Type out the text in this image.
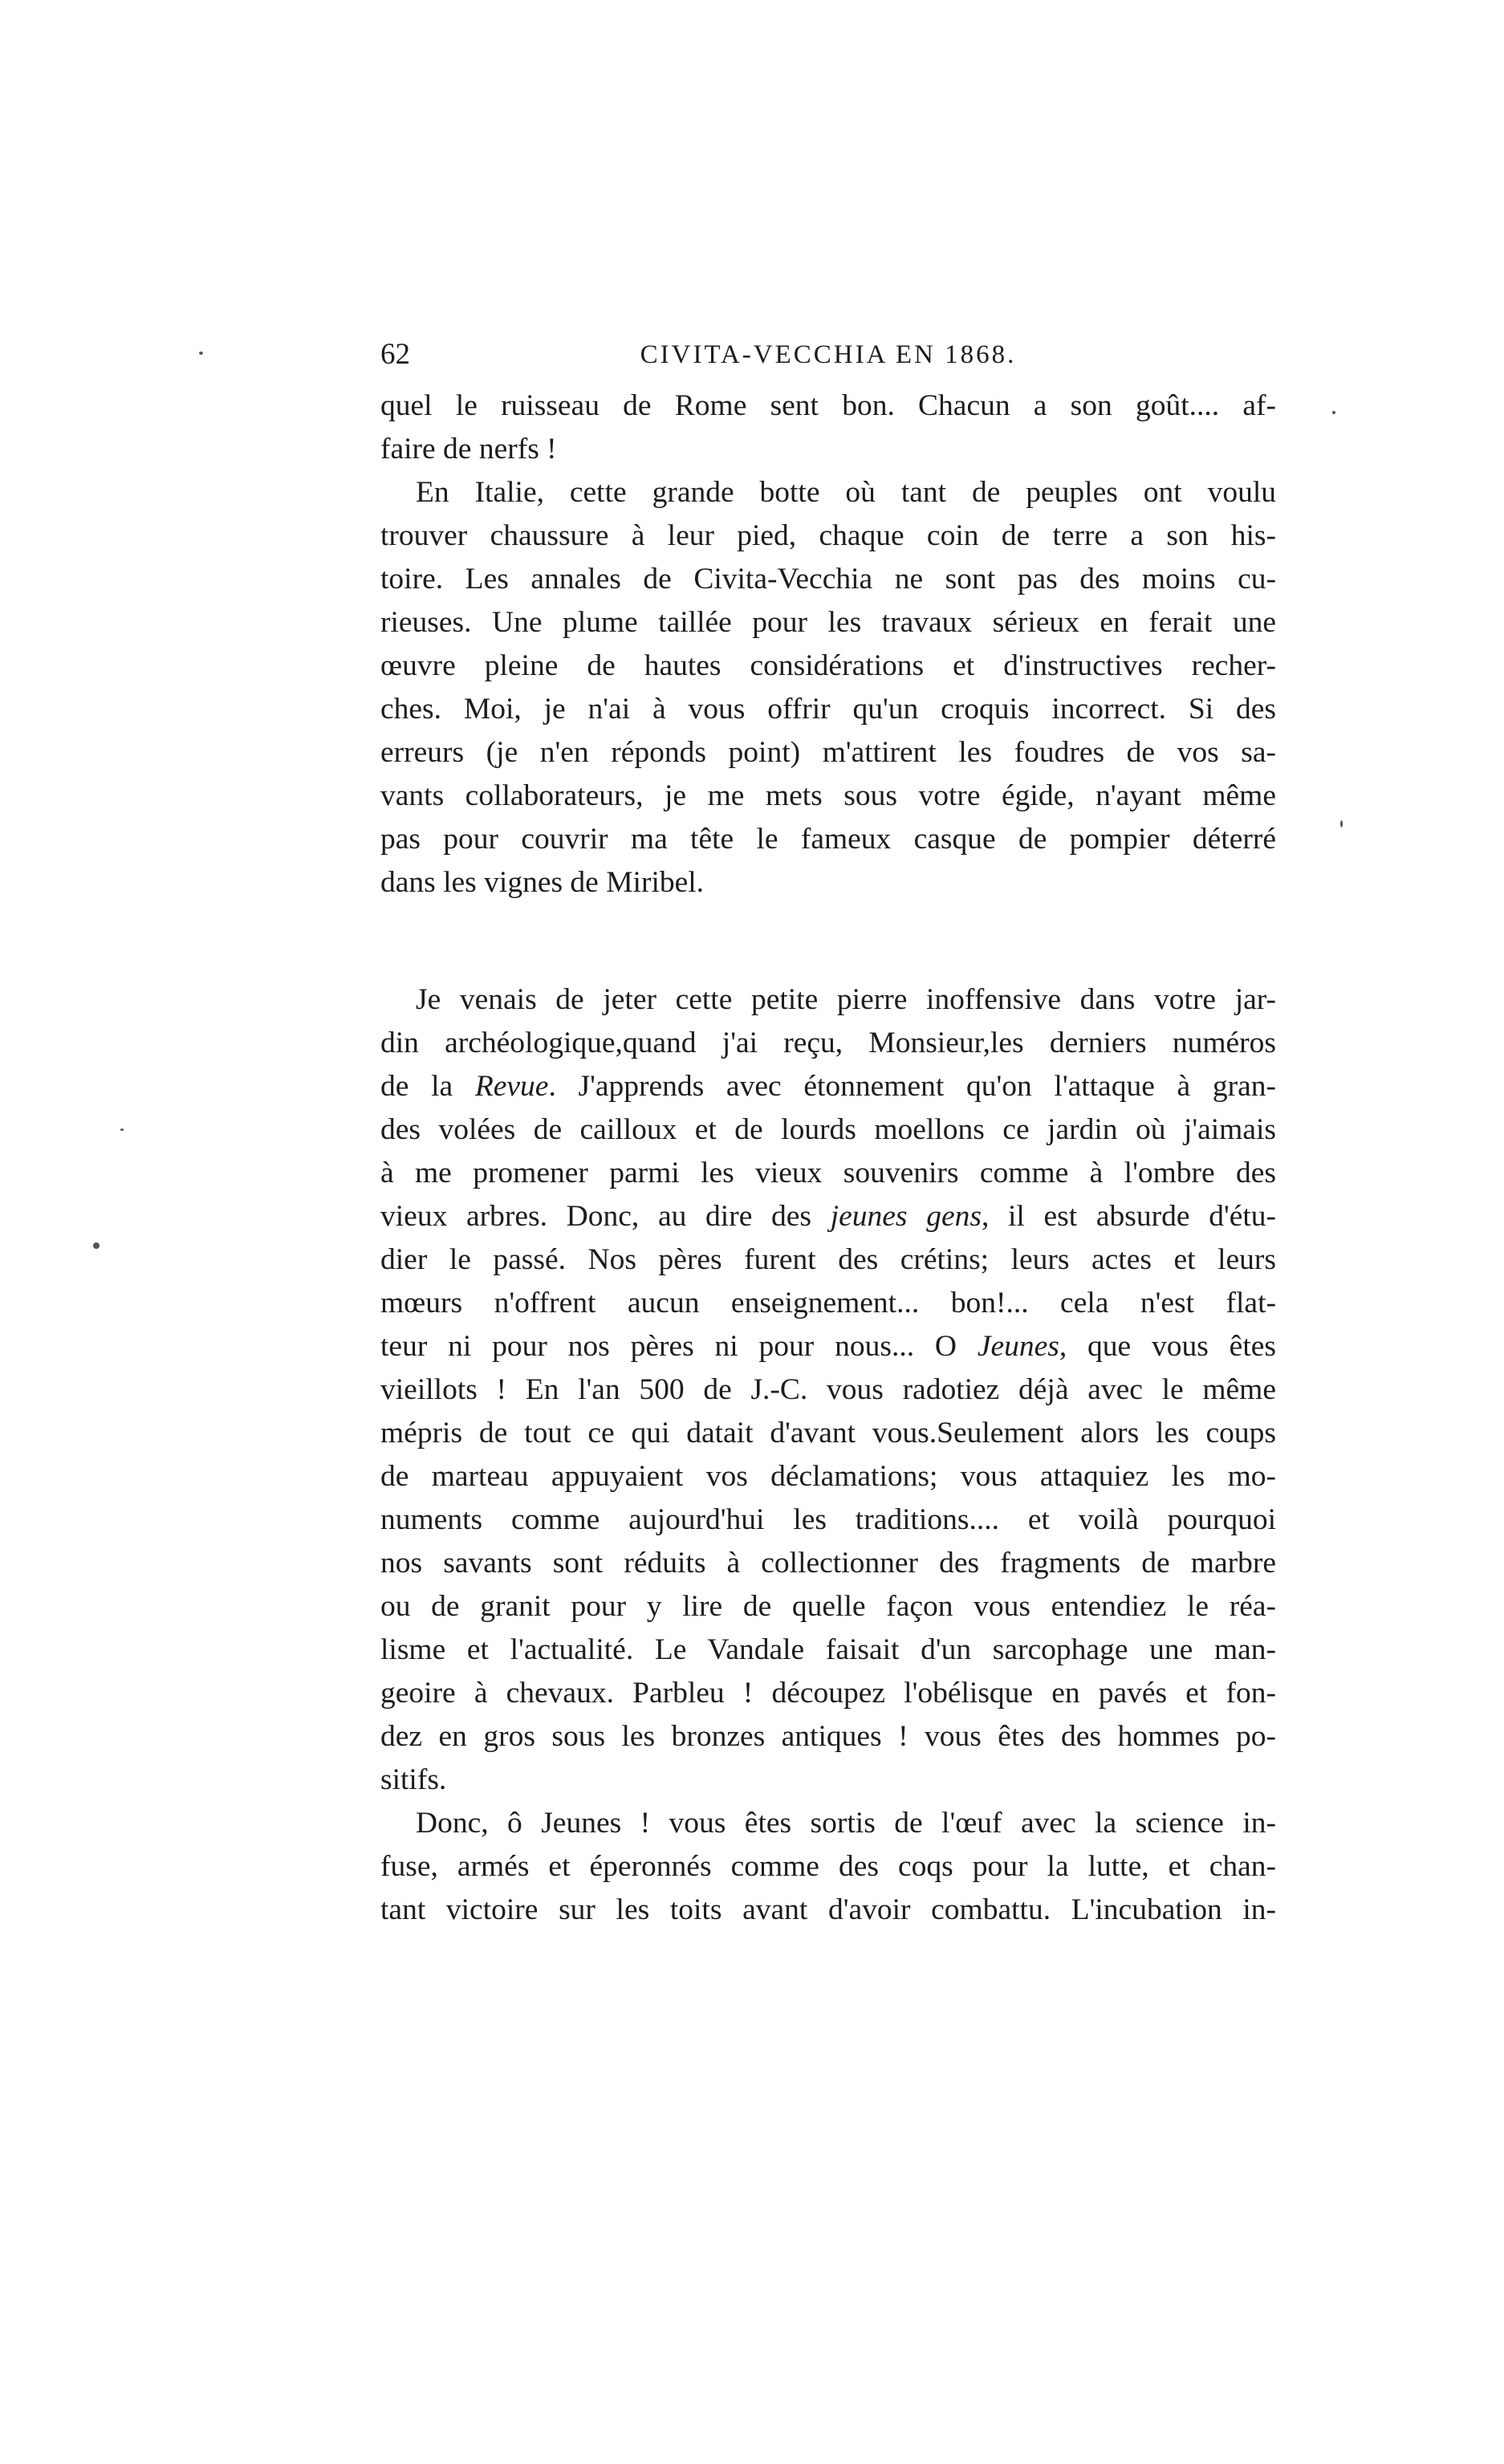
62	CIVITA-VECCHIA EN 1868.
quel le ruisseau de Rome sent bon. Chacun a son goût.... af-
faire de nerfs !
En Italie, cette grande botte où tant de peuples ont voulu
trouver chaussure à leur pied, chaque coin de terre a son his-
toire. Les annales de Civita-Vecchia ne sont pas des moins cu-
rieuses. Une plume taillée pour les travaux sérieux en ferait une
œuvre pleine de hautes considérations et d'instructives recher-
ches. Moi, je n'ai à vous offrir qu'un croquis incorrect. Si des
erreurs (je n'en réponds point) m'attirent les foudres de vos sa-
vants collaborateurs, je me mets sous votre égide, n'ayant même
pas pour couvrir ma tête le fameux casque de pompier déterré
dans les vignes de Miribel.
Je venais de jeter cette petite pierre inoffensive dans votre jar-
din archéologique,quand j'ai reçu, Monsieur,les derniers numéros
de la Revue. J'apprends avec étonnement qu'on l'attaque à gran-
des volées de cailloux et de lourds moellons ce jardin où j'aimais
à me promener parmi les vieux souvenirs comme à l'ombre des
vieux arbres. Donc, au dire des jeunes gens, il est absurde d'étu-
dier le passé. Nos pères furent des crétins; leurs actes et leurs
mœurs n'offrent aucun enseignement... bon!... cela n'est flat-
teur ni pour nos pères ni pour nous... O Jeunes, que vous êtes
vieillots ! En l'an 500 de J.-C. vous radotiez déjà avec le même
mépris de tout ce qui datait d'avant vous.Seulement alors les coups
de marteau appuyaient vos déclamations; vous attaquiez les mo-
numents comme aujourd'hui les traditions.... et voilà pourquoi
nos savants sont réduits à collectionner des fragments de marbre
ou de granit pour y lire de quelle façon vous entendiez le réa-
lisme et l'actualité. Le Vandale faisait d'un sarcophage une man-
geoire à chevaux. Parbleu ! découpez l'obélisque en pavés et fon-
dez en gros sous les bronzes antiques ! vous êtes des hommes po-
sitifs.
Donc, ô Jeunes ! vous êtes sortis de l'œuf avec la science in-
fuse, armés et éperonnés comme des coqs pour la lutte, et chan-
tant victoire sur les toits avant d'avoir combattu. L'incubation in-
